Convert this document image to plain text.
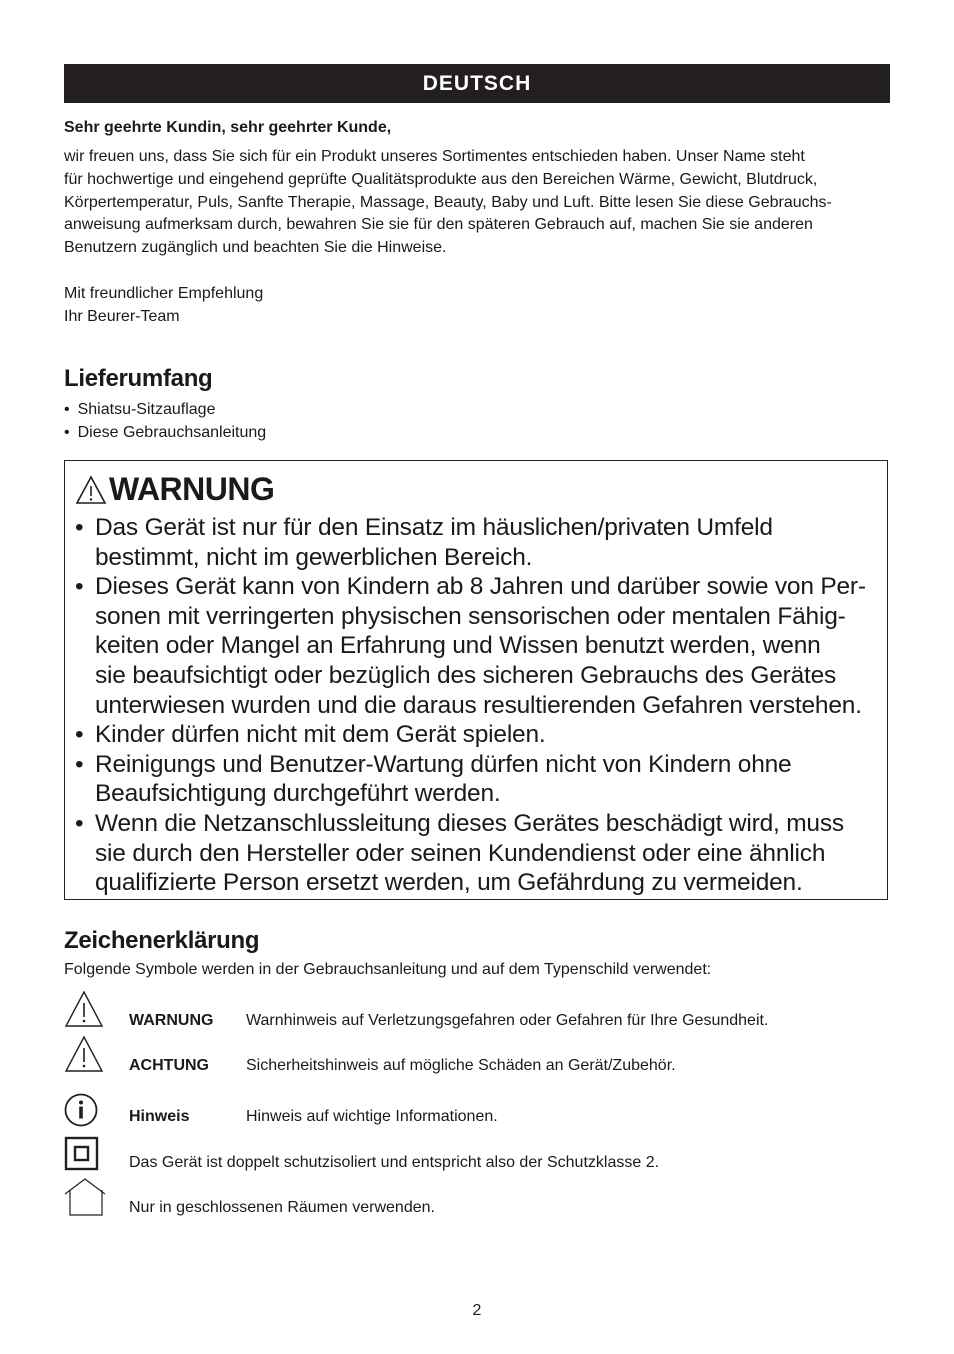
DEUTSCH
Sehr geehrte Kundin, sehr geehrter Kunde,
wir freuen uns, dass Sie sich für ein Produkt unseres Sortimentes entschieden haben. Unser Name steht
für hochwertige und eingehend geprüfte Qualitätsprodukte aus den Bereichen Wärme, Gewicht, Blutdruck,
Körpertemperatur, Puls, Sanfte Therapie, Massage, Beauty, Baby und Luft. Bitte lesen Sie diese Gebrauchs-
anweisung aufmerksam durch, bewahren Sie sie für den späteren Gebrauch auf, machen Sie sie anderen
Benutzern zugänglich und beachten Sie die Hinweise.
Mit freundlicher Empfehlung
Ihr Beurer-Team
Lieferumfang
• Shiatsu-Sitzauflage
• Diese Gebrauchsanleitung
WARNUNG
• Das Gerät ist nur für den Einsatz im häuslichen/privaten Umfeld
bestimmt, nicht im gewerblichen Bereich.
• Dieses Gerät kann von Kindern ab 8 Jahren und darüber sowie von Per-
sonen mit verringerten physischen sensorischen oder mentalen Fähig-
keiten oder Mangel an Erfahrung und Wissen benutzt werden, wenn
sie beaufsichtigt oder bezüglich des sicheren Gebrauchs des Gerätes
unterwiesen wurden und die daraus resultierenden Gefahren verstehen.
• Kinder dürfen nicht mit dem Gerät spielen.
• Reinigungs und Benutzer-Wartung dürfen nicht von Kindern ohne
Beaufsichtigung durchgeführt werden.
• Wenn die Netzanschlussleitung dieses Gerätes beschädigt wird, muss
sie durch den Hersteller oder seinen Kundendienst oder eine ähnlich
qualifizierte Person ersetzt werden, um Gefährdung zu vermeiden.
Zeichenerklärung
Folgende Symbole werden in der Gebrauchsanleitung und auf dem Typenschild verwendet:
WARNUNG Warnhinweis auf Verletzungsgefahren oder Gefahren für Ihre Gesundheit.
ACHTUNG Sicherheitshinweis auf mögliche Schäden an Gerät/Zubehör.
Hinweis	Hinweis auf wichtige Informationen.
Das Gerät ist doppelt schutzisoliert und entspricht also der Schutzklasse 2.
Nur in geschlossenen Räumen verwenden.
2
